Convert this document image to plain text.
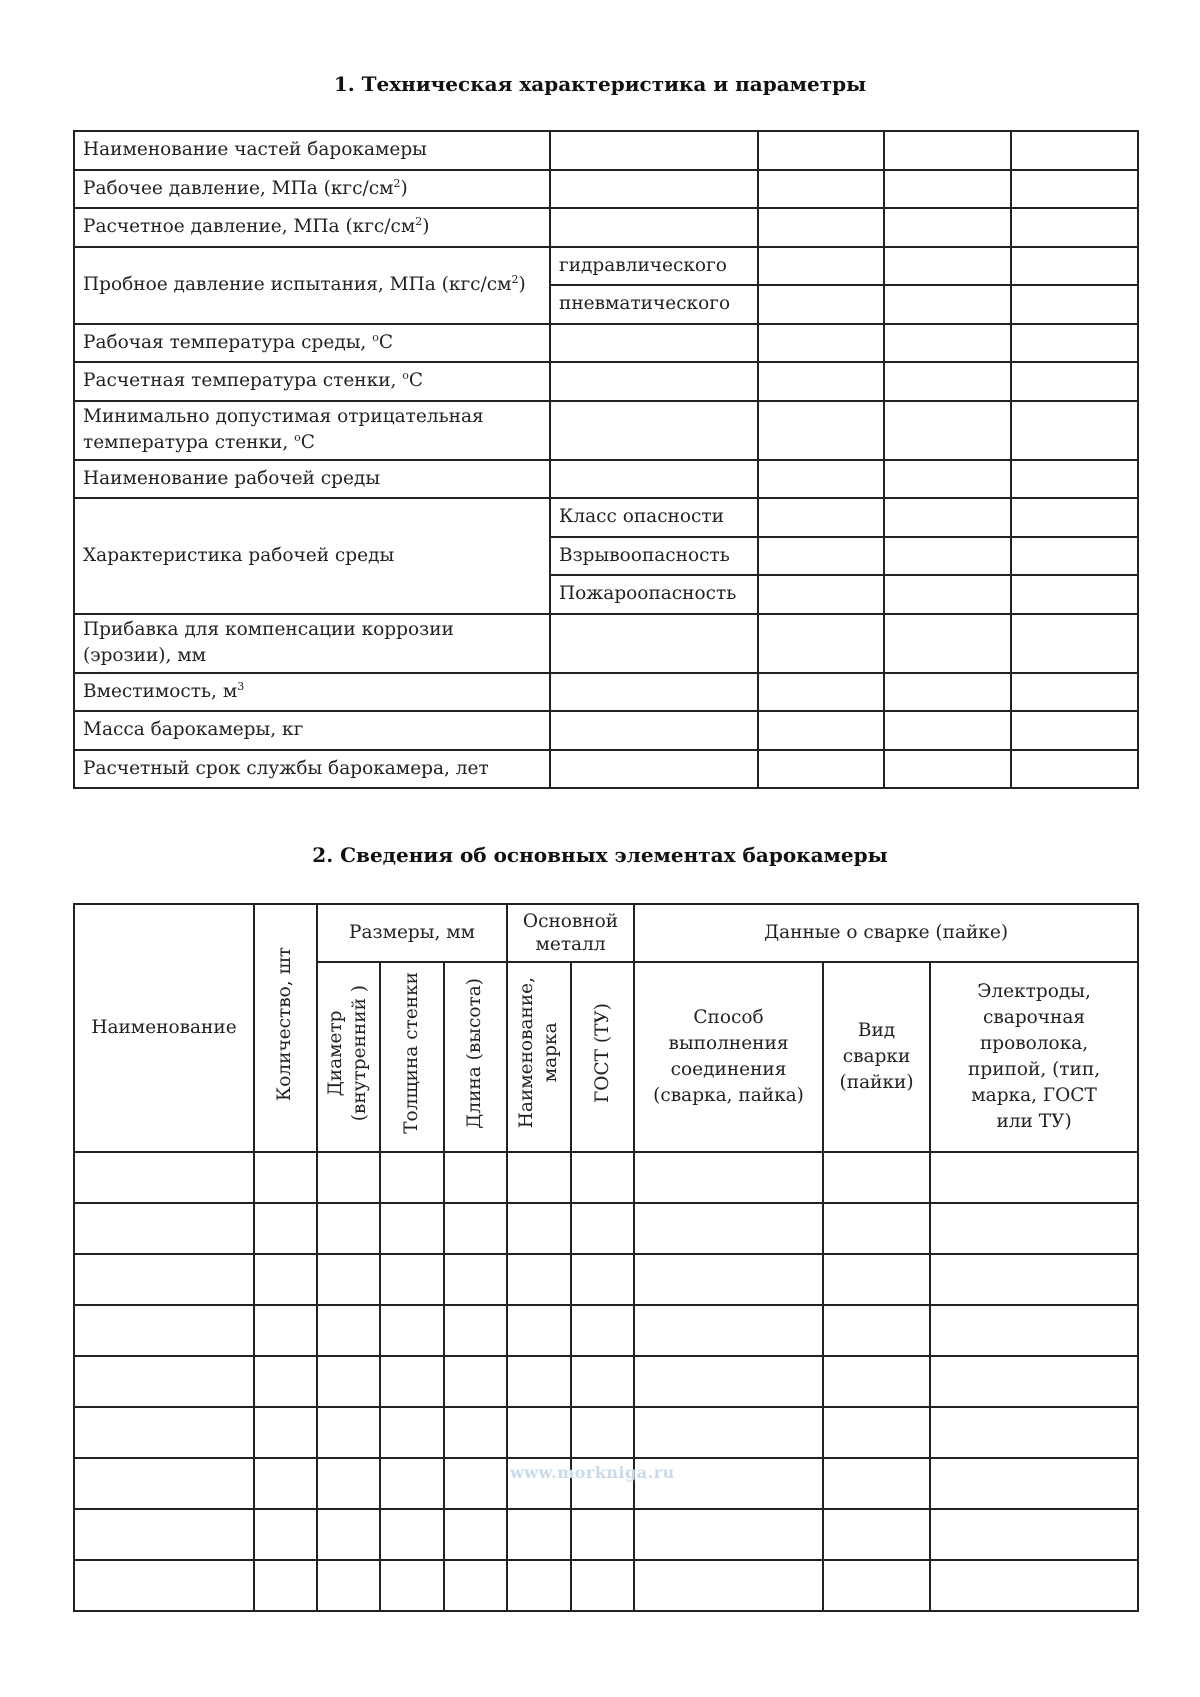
1. Техническая характеристика и параметры
Наименование частей барокамеры				
Рабочее давление, МПа $(кгс/см^2)$				
Расчетное давление, МПа $(кгс/см^2)$				
Пробное давление испытания, МПа $(кгс/см^2)$	гидравлического			
	пневматического			
Рабочая температура среды, $^о$С				
Расчетная температура стенки, $^о$С				
Минимально допустимая отрицательная температура стенки, $^о$С				
Наименование рабочей среды				
Характеристика рабочей среды	Класс опасности			
	Взрывоопасность			
	Пожароопасность			
Прибавка для компенсации коррозии (эрозии), мм				
Вместимость, $м^3$				
Масса барокамеры, кг				
Расчетный срок службы барокамера, лет				
2. Сведения об основных элементах барокамеры
Наименование	Количество, шт	Размеры, мм			Основной металл		Данные о сварке (пайке)		
		Диаметр (внутренний )	Толщина стенки	Длина (высота)	Наименование, марка	ГОСТ (ТУ)	Способ выполнения соединения (сварка, пайка)	Вид сварки (пайки)	Электроды, сварочная проволока, припой, (тип, марка, ГОСТ или ТУ)

www.morkniga.ru
